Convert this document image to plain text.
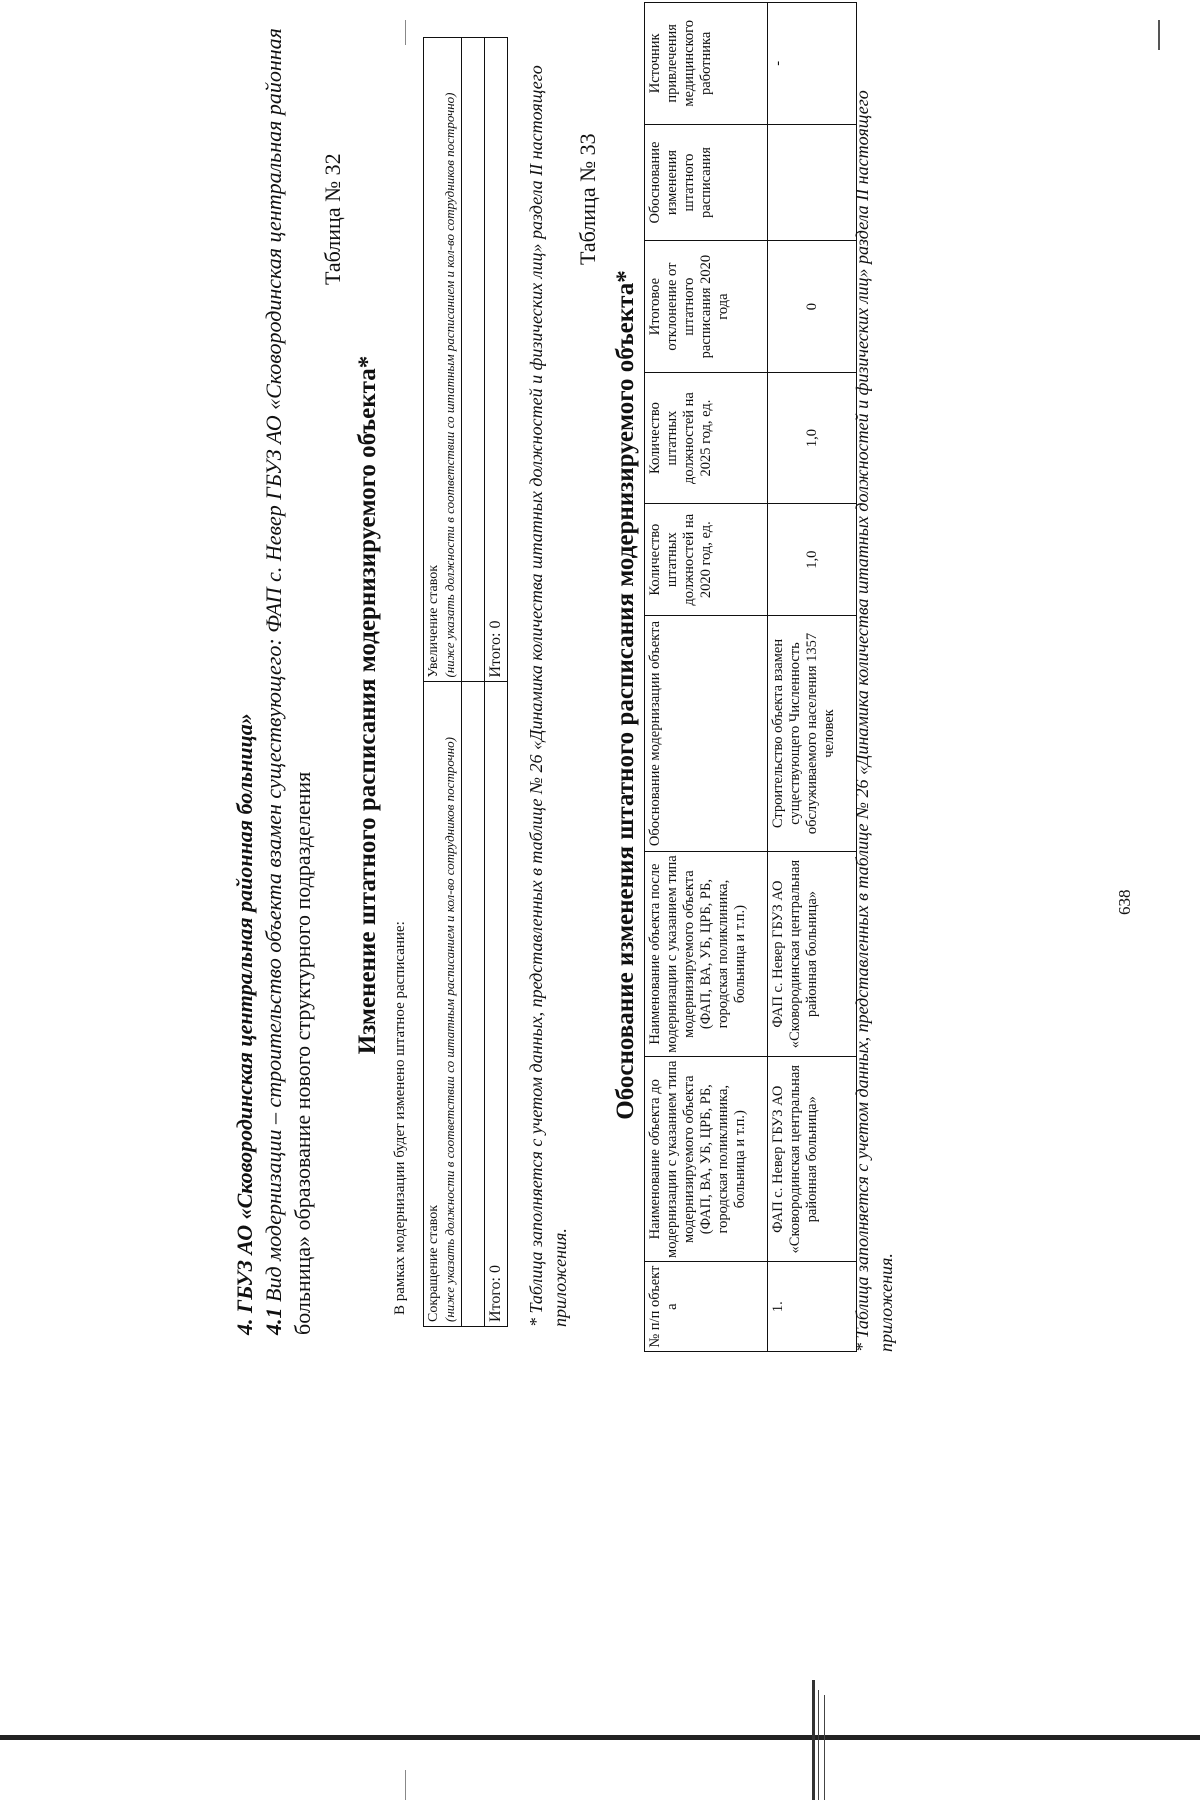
638
4. ГБУЗ АО «Сковородинская центральная районная больница» 4.1 Вид модернизации – строительство объекта взамен существующего: ФАП с. Невер ГБУЗ АО «Сковородинская центральная районная больница» образование нового структурного подразделения
Таблица № 32
Изменение штатного расписания модернизируемого объекта*
В рамках модернизации будет изменено штатное расписание: Сокращение ставок (ниже указать должности в соответствии со штатным расписанием и кол-во сотрудников построчно)	Увеличение ставок (ниже указать должности в соответствии со штатным расписанием и кол-во сотрудников построчно)

Итого: 0	Итого: 0 * Таблица заполняется с учетом данных, представленных в таблице № 26 «Динамика количества штатных должностей и физических лиц» раздела II настоящего приложения.
Таблица № 33
Обоснование изменения штатного расписания модернизируемого объекта*
№ п/п объект а	Наименование объекта до модернизации с указанием типа модернизируемого объекта (ФАП, ВА, УБ, ЦРБ, РБ, городская поликлиника, больница и т.п.)	Наименование объекта после модернизации с указанием типа модернизируемого объекта (ФАП, ВА, УБ, ЦРБ, РБ, городская поликлиника, больница и т.п.)	Обоснование модернизации объекта	Количество штатных должностей на 2020 год, ед.	Количество штатных должностей на 2025 год, ед.	Итоговое отклонение от штатного расписания 2020 года	Обоснование изменения штатного расписания	Источник привлечения медицинского работника
1.	ФАП с. Невер ГБУЗ АО «Сковородинская центральная районная больница»	ФАП с. Невер ГБУЗ АО «Сковородинская центральная районная больница»	Строительство объекта взамен существующего Численность обслуживаемого населения 1357 человек	1,0	1,0	0		-
* Таблица заполняется с учетом данных, представленных в таблице № 26 «Динамика количества штатных должностей и физических лиц» раздела II настоящего приложения.
